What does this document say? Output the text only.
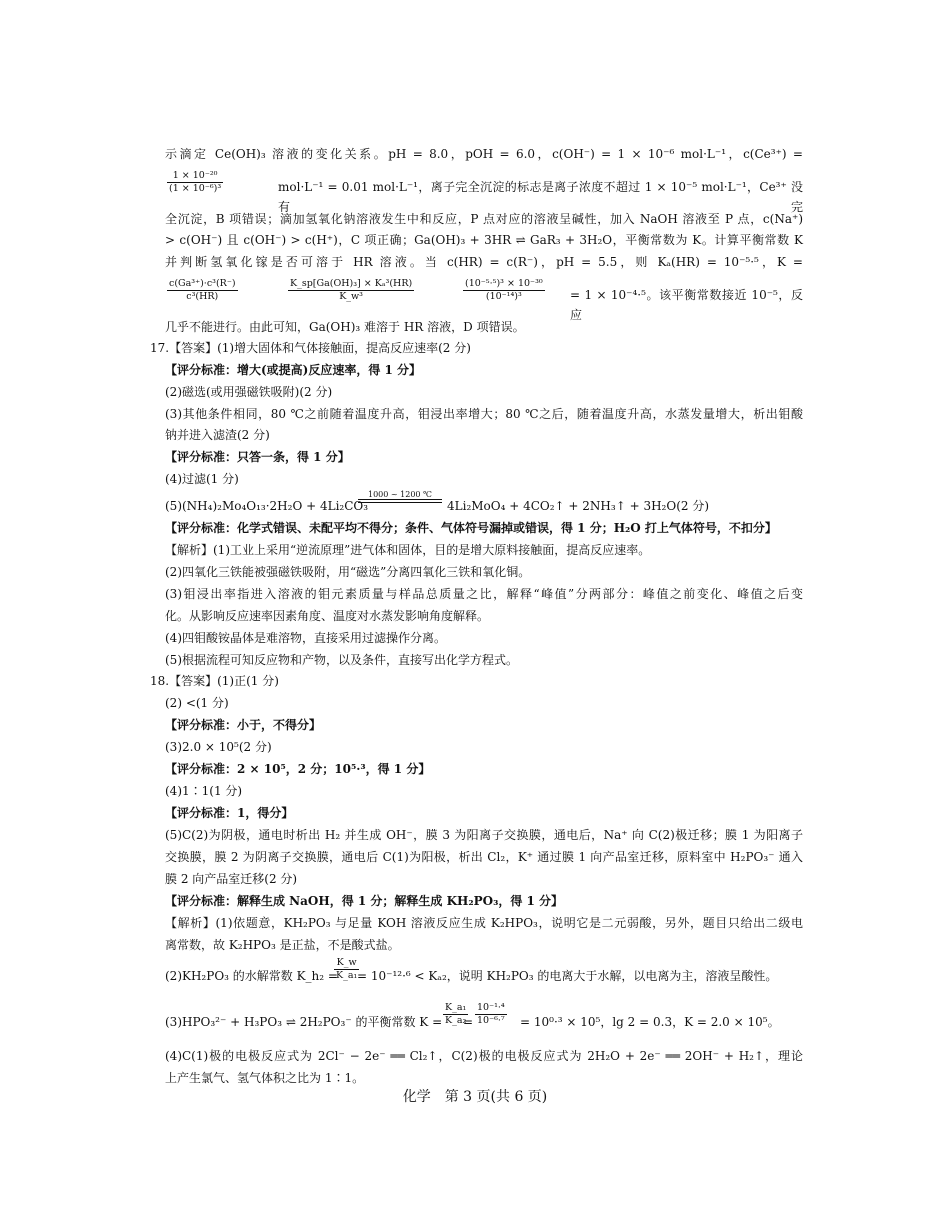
示滴定 Ce(OH)₃ 溶液的变化关系。pH = 8.0，pOH = 6.0，c(OH⁻) = 1 × 10⁻⁶ mol·L⁻¹，c(Ce³⁺) =
mol·L⁻¹ = 0.01 mol·L⁻¹，离子完全沉淀的标志是离子浓度不超过 1 × 10⁻⁵ mol·L⁻¹，Ce³⁺ 没有完
全沉淀，B 项错误；滴加氢氧化钠溶液发生中和反应，P 点对应的溶液呈碱性，加入 NaOH 溶液至 P 点，c(Na⁺)
> c(OH⁻) 且 c(OH⁻) > c(H⁺)，C 项正确；Ga(OH)₃ + 3HR ⇌ GaR₃ + 3H₂O，平衡常数为 K。计算平衡常数 K
并判断氢氧化镓是否可溶于 HR 溶液。当 c(HR) = c(R⁻)，pH = 5.5，则 Kₐ(HR) = 10⁻⁵·⁵，K =
= 1 × 10⁻⁴·⁵。该平衡常数接近 10⁻⁵，反应
几乎不能进行。由此可知，Ga(OH)₃ 难溶于 HR 溶液，D 项错误。
17.【答案】(1)增大固体和气体接触面，提高反应速率(2 分)
【评分标准：增大(或提高)反应速率，得 1 分】
(2)磁选(或用强磁铁吸附)(2 分)
(3)其他条件相同，80 ℃之前随着温度升高，钼浸出率增大；80 ℃之后，随着温度升高，水蒸发量增大，析出钼酸
钠并进入滤渣(2 分)
【评分标准：只答一条，得 1 分】
(4)过滤(1 分)
(5)(NH₄)₂Mo₄O₁₃·2H₂O + 4Li₂CO₃	4Li₂MoO₄ + 4CO₂↑ + 2NH₃↑ + 3H₂O(2 分)
【评分标准：化学式错误、未配平均不得分；条件、气体符号漏掉或错误，得 1 分；H₂O 打上气体符号，不扣分】
【解析】(1)工业上采用“逆流原理”进气体和固体，目的是增大原料接触面，提高反应速率。
(2)四氧化三铁能被强磁铁吸附，用“磁选”分离四氧化三铁和氧化铜。
(3)钼浸出率指进入溶液的钼元素质量与样品总质量之比，解释“峰值”分两部分：峰值之前变化、峰值之后变
化。从影响反应速率因素角度、温度对水蒸发影响角度解释。
(4)四钼酸铵晶体是难溶物，直接采用过滤操作分离。
(5)根据流程可知反应物和产物，以及条件，直接写出化学方程式。
18.【答案】(1)正(1 分)
(2) <(1 分)
【评分标准：小于，不得分】
(3)2.0 × 10⁵(2 分)
【评分标准：2 × 10⁵，2 分；10⁵·³，得 1 分】
(4)1∶1(1 分)
【评分标准：1，得分】
(5)C(2)为阴极，通电时析出 H₂ 并生成 OH⁻，膜 3 为阳离子交换膜，通电后，Na⁺ 向 C(2)极迁移；膜 1 为阳离子
交换膜，膜 2 为阴离子交换膜，通电后 C(1)为阳极，析出 Cl₂，K⁺ 通过膜 1 向产品室迁移，原料室中 H₂PO₃⁻ 通入
膜 2 向产品室迁移(2 分)
【评分标准：解释生成 NaOH，得 1 分；解释生成 KH₂PO₃，得 1 分】
【解析】(1)依题意，KH₂PO₃ 与足量 KOH 溶液反应生成 K₂HPO₃，说明它是二元弱酸，另外，题目只给出二级电
离常数，故 K₂HPO₃ 是正盐，不是酸式盐。
(2)KH₂PO₃ 的水解常数 K_h₂ = = 10⁻¹²·⁶ < Kₐ₂，说明 KH₂PO₃ 的电离大于水解，以电离为主，溶液呈酸性。
(3)HPO₃²⁻ + H₃PO₃ ⇌ 2H₂PO₃⁻ 的平衡常数 K = =	= 10⁰·³ × 10⁵，lg 2 = 0.3，K = 2.0 × 10⁵。
(4)C(1)极的电极反应式为 2Cl⁻ − 2e⁻ ══ Cl₂↑，C(2)极的电极反应式为 2H₂O + 2e⁻ ══ 2OH⁻ + H₂↑，理论
上产生氯气、氢气体积之比为 1∶1。
$\frac{\text{1 × 10⁻²⁰}}{\text{(1 × 10⁻⁶)³}}$
$\frac{\text{c(Ga³⁺)·c³(R⁻)}}{\text{c³(HR)}}$	$\frac{\text{K\_sp[Ga(OH)₃] × Kₐ³(HR)}}{\text{K\_w³}}$	$\frac{\text{(10⁻⁵·⁵)³ × 10⁻³⁰}}{\text{(10⁻¹⁴)³}}$
$\frac{K\_w}{\text{K\_a₁}}$
$\frac{\text{K\_a₁}}{\text{K\_a₂}} \frac{\text{10⁻¹·⁴}}{\text{10⁻⁶·⁷}}$
1000 ~ 1200 ℃
化学　第 3 页(共 6 页)
